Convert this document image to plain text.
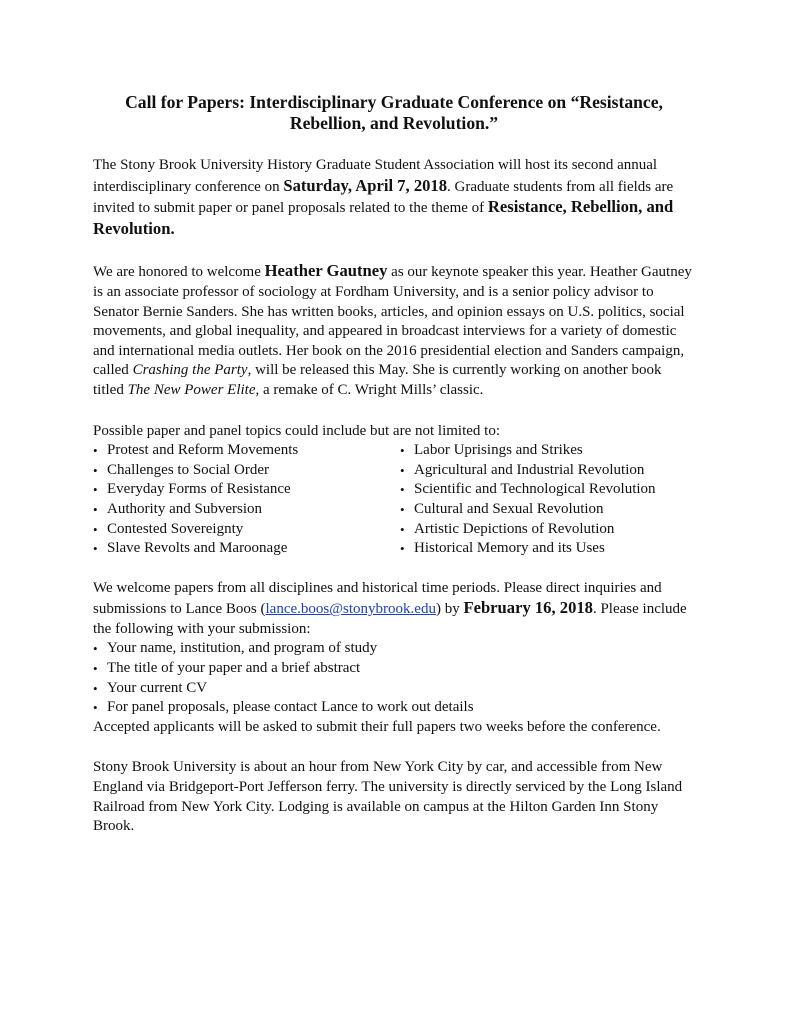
Call for Papers: Interdisciplinary Graduate Conference on “Resistance,
Rebellion, and Revolution.”

The Stony Brook University History Graduate Student Association will host its second annual interdisciplinary conference on Saturday, April 7, 2018. Graduate students from all fields are invited to submit paper or panel proposals related to the theme of Resistance, Rebellion, and Revolution.

We are honored to welcome Heather Gautney as our keynote speaker this year. Heather Gautney is an associate professor of sociology at Fordham University, and is a senior policy advisor to Senator Bernie Sanders. She has written books, articles, and opinion essays on U.S. politics, social movements, and global inequality, and appeared in broadcast interviews for a variety of domestic and international media outlets. Her book on the 2016 presidential election and Sanders campaign, called Crashing the Party, will be released this May. She is currently working on another book titled The New Power Elite, a remake of C. Wright Mills’ classic.

Possible paper and panel topics could include but are not limited to:

• Protest and Reform Movements
• Challenges to Social Order
• Everyday Forms of Resistance
• Authority and Subversion
• Contested Sovereignty
• Slave Revolts and Maroonage
• Labor Uprisings and Strikes
• Agricultural and Industrial Revolution
• Scientific and Technological Revolution
• Cultural and Sexual Revolution
• Artistic Depictions of Revolution
• Historical Memory and its Uses

We welcome papers from all disciplines and historical time periods. Please direct inquiries and submissions to Lance Boos (lance.boos@stonybrook.edu) by February 16, 2018. Please include the following with your submission:

• Your name, institution, and program of study
• The title of your paper and a brief abstract
• Your current CV
• For panel proposals, please contact Lance to work out details

Accepted applicants will be asked to submit their full papers two weeks before the conference.

Stony Brook University is about an hour from New York City by car, and accessible from New England via Bridgeport-Port Jefferson ferry. The university is directly serviced by the Long Island Railroad from New York City. Lodging is available on campus at the Hilton Garden Inn Stony Brook.
